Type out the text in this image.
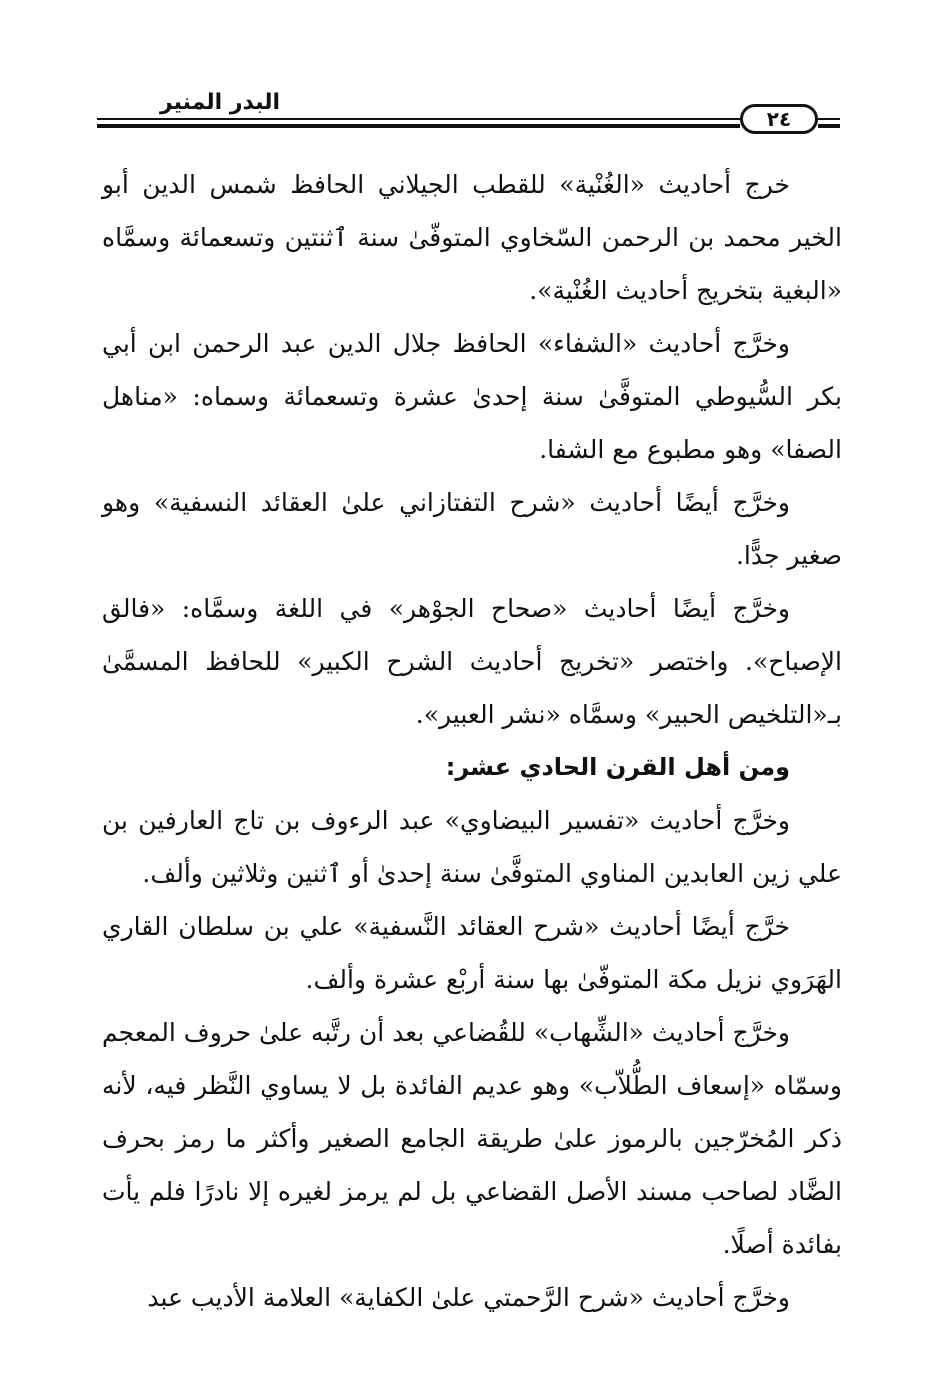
البدر المنير
٢٤

خرج أحاديث «الغُنْية» للقطب الجيلاني الحافظ شمس الدين أبو الخير محمد بن الرحمن السّخاوي المتوفّىٰ سنة ٱثنتين وتسعمائة وسمَّاه «البغية بتخريج أحاديث الغُنْية».

وخرَّج أحاديث «الشفاء» الحافظ جلال الدين عبد الرحمن ابن أبي بكر السُّيوطي المتوفَّىٰ سنة إحدىٰ عشرة وتسعمائة وسماه: «مناهل الصفا» وهو مطبوع مع الشفا.

وخرَّج أيضًا أحاديث «شرح التفتازاني علىٰ العقائد النسفية» وهو صغير جدًّا.

وخرَّج أيضًا أحاديث «صحاح الجوْهر» في اللغة وسمَّاه: «فالق الإصباح». واختصر «تخريج أحاديث الشرح الكبير» للحافظ المسمَّىٰ بـ«التلخيص الحبير» وسمَّاه «نشر العبير».

ومن أهل القرن الحادي عشر:

وخرَّج أحاديث «تفسير البيضاوي» عبد الرءوف بن تاج العارفين بن علي زين العابدين المناوي المتوفَّىٰ سنة إحدىٰ أو ٱثنين وثلاثين وألف.

خرَّج أيضًا أحاديث «شرح العقائد النَّسفية» علي بن سلطان القاري الهَرَوي نزيل مكة المتوفّىٰ بها سنة أربْع عشرة وألف.

وخرَّج أحاديث «الشِّهاب» للقُضاعي بعد أن رتَّبه علىٰ حروف المعجم وسمّاه «إسعاف الطُّلاّب» وهو عديم الفائدة بل لا يساوي النَّظر فيه، لأنه ذكر المُخرّجين بالرموز علىٰ طريقة الجامع الصغير وأكثر ما رمز بحرف الضَّاد لصاحب مسند الأصل القضاعي بل لم يرمز لغيره إلا نادرًا فلم يأت بفائدة أصلًا.

وخرَّج أحاديث «شرح الرَّحمتي علىٰ الكفاية» العلامة الأديب عبد
